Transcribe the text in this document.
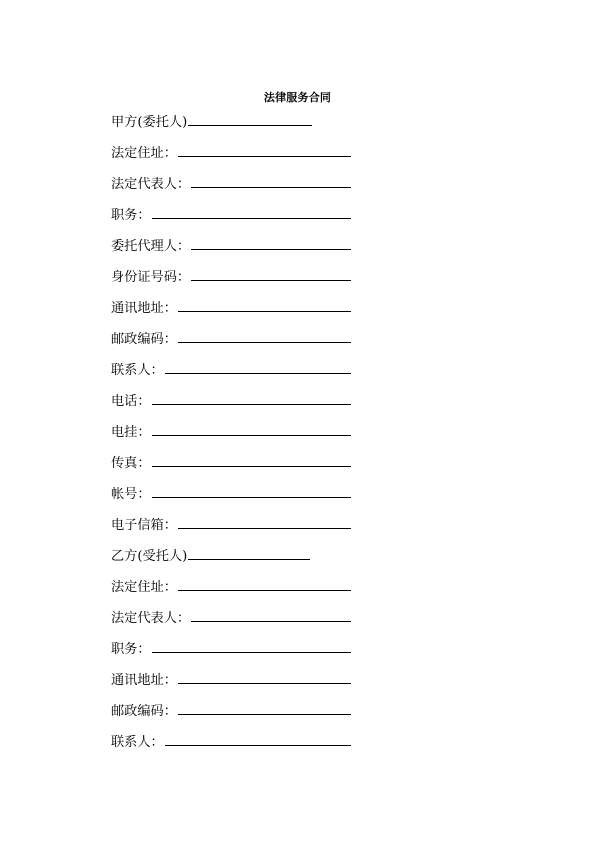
法律服务合同
甲方(委托人)
法定住址：
法定代表人：
职务：
委托代理人：
身份证号码：
通讯地址：
邮政编码：
联系人：
电话：
电挂：
传真：
帐号：
电子信箱：
乙方(受托人)
法定住址：
法定代表人：
职务：
通讯地址：
邮政编码：
联系人：
